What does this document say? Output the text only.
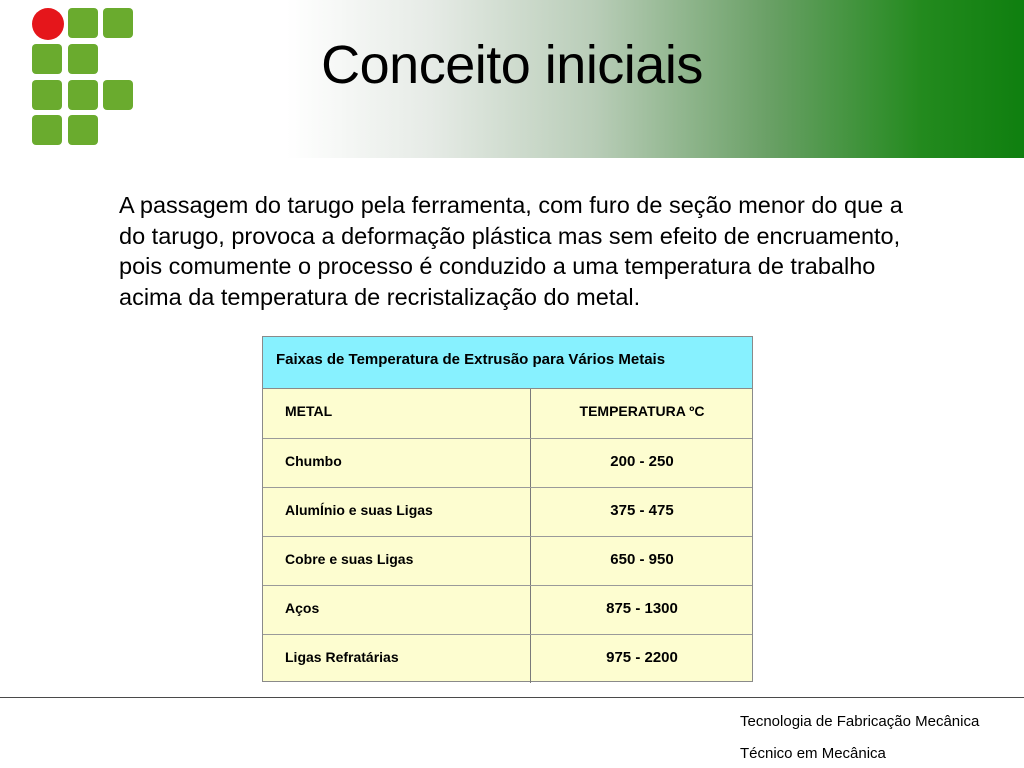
Conceito iniciais
A passagem do tarugo pela ferramenta, com furo de seção menor do que a do tarugo, provoca a deformação plástica mas sem efeito de encruamento, pois comumente o processo é conduzido a uma temperatura de trabalho acima da temperatura de recristalização do metal.
Faixas de Temperatura de Extrusão para Vários Metais
METAL	TEMPERATURA ºC
Chumbo	200 - 250
AlumÍnio e suas Ligas	375 - 475
Cobre e suas Ligas	650 - 950
Aços	875 - 1300
Ligas Refratárias	975 - 2200
Tecnologia de Fabricação Mecânica
Técnico em Mecânica
